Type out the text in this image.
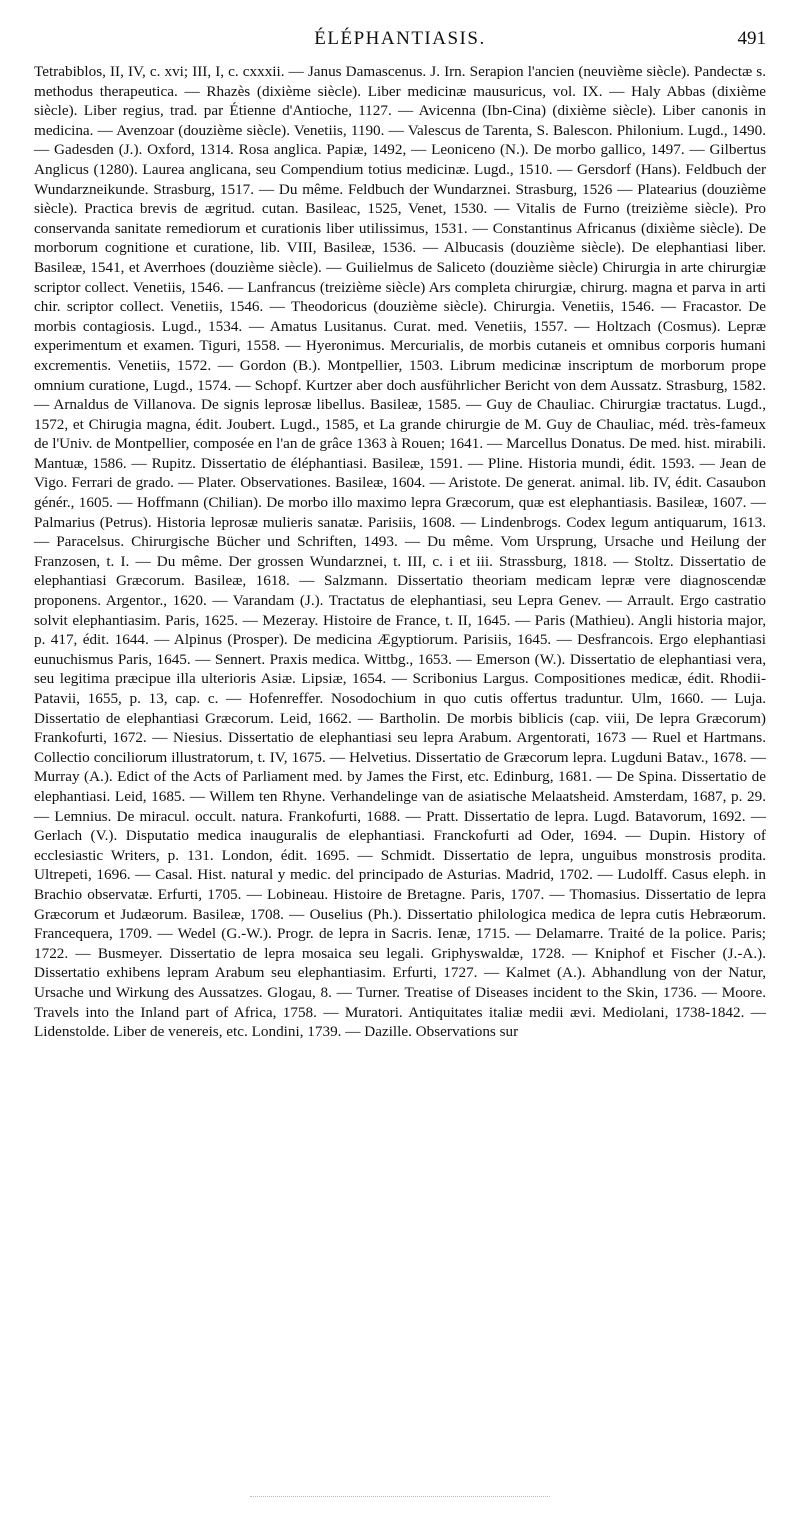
ÉLÉPHANTIASIS.	491
Tetrabiblos, II, IV, c. xvi; III, I, c. cxxxii. — Janus Damascenus. J. Irn. Serapion l'ancien (neuvième siècle). Pandectæ s. methodus therapeutica. — Rhazès (dixième siècle). Liber medicinæ mausuricus, vol. IX. — Haly Abbas (dixième siècle). Liber regius, trad. par Étienne d'Antioche, 1127. — Avicenna (Ibn-Cina) (dixième siècle). Liber canonis in medicina. — Avenzoar (douzième siècle). Venetiis, 1190. — Valescus de Tarenta, S. Balescon. Philonium. Lugd., 1490. — Gadesden (J.). Oxford, 1314. Rosa anglica. Papiæ, 1492, — Leoniceno (N.). De morbo gallico, 1497. — Gilbertus Anglicus (1280). Laurea anglicana, seu Compendium totius medicinæ. Lugd., 1510. — Gersdorf (Hans). Feldbuch der Wundarzneikunde. Strasburg, 1517. — Du même. Feldbuch der Wundarznei. Strasburg, 1526 — Platearius (douzième siècle). Practica brevis de ægritud. cutan. Basileac, 1525, Venet, 1530. — Vitalis de Furno (treizième siècle). Pro conservanda sanitate remediorum et curationis liber utilissimus, 1531. — Constantinus Africanus (dixième siècle). De morborum cognitione et curatione, lib. VIII, Basileæ, 1536. — Albucasis (douzième siècle). De elephantiasi liber. Basileæ, 1541, et Averrhoes (douzième siècle). — Guilielmus de Saliceto (douzième siècle) Chirurgia in arte chirurgiæ scriptor collect. Venetiis, 1546. — Lanfrancus (treizième siècle) Ars completa chirurgiæ, chirurg. magna et parva in arti chir. scriptor collect. Venetiis, 1546. — Theodoricus (douzième siècle). Chirurgia. Venetiis, 1546. — Fracastor. De morbis contagiosis. Lugd., 1534. — Amatus Lusitanus. Curat. med. Venetiis, 1557. — Holtzach (Cosmus). Lepræ experimentum et examen. Tiguri, 1558. — Hyeronimus. Mercurialis, de morbis cutaneis et omnibus corporis humani excrementis. Venetiis, 1572. — Gordon (B.). Montpellier, 1503. Librum medicinæ inscriptum de morborum prope omnium curatione, Lugd., 1574. — Schopf. Kurtzer aber doch ausführlicher Bericht von dem Aussatz. Strasburg, 1582. — Arnaldus de Villanova. De signis leprosæ libellus. Basileæ, 1585. — Guy de Chauliac. Chirurgiæ tractatus. Lugd., 1572, et Chirugia magna, édit. Joubert. Lugd., 1585, et La grande chirurgie de M. Guy de Chauliac, méd. très-fameux de l'Univ. de Montpellier, composée en l'an de grâce 1363 à Rouen; 1641. — Marcellus Donatus. De med. hist. mirabili. Mantuæ, 1586. — Rupitz. Dissertatio de éléphantiasi. Basileæ, 1591. — Pline. Historia mundi, édit. 1593. — Jean de Vigo. Ferrari de grado. — Plater. Observationes. Basileæ, 1604. — Aristote. De generat. animal. lib. IV, édit. Casaubon génér., 1605. — Hoffmann (Chilian). De morbo illo maximo lepra Græcorum, quæ est elephantiasis. Basileæ, 1607. — Palmarius (Petrus). Historia leprosæ mulieris sanatæ. Parisiis, 1608. — Lindenbrogs. Codex legum antiquarum, 1613. — Paracelsus. Chirurgische Bücher und Schriften, 1493. — Du même. Vom Ursprung, Ursache und Heilung der Franzosen, t. I. — Du même. Der grossen Wundarznei, t. III, c. i et iii. Strassburg, 1818. — Stoltz. Dissertatio de elephantiasi Græcorum. Basileæ, 1618. — Salzmann. Dissertatio theoriam medicam lepræ vere diagnoscendæ proponens. Argentor., 1620. — Varandam (J.). Tractatus de elephantiasi, seu Lepra Genev. — Arrault. Ergo castratio solvit elephantiasim. Paris, 1625. — Mezeray. Histoire de France, t. II, 1645. — Paris (Mathieu). Angli historia major, p. 417, édit. 1644. — Alpinus (Prosper). De medicina Ægyptiorum. Parisiis, 1645. — Desfrancois. Ergo elephantiasi eunuchismus Paris, 1645. — Sennert. Praxis medica. Wittbg., 1653. — Emerson (W.). Dissertatio de elephantiasi vera, seu legitima præcipue illa ulterioris Asiæ. Lipsiæ, 1654. — Scribonius Largus. Compositiones medicæ, édit. Rhodii-Patavii, 1655, p. 13, cap. c. — Hofenreffer. Nosodochium in quo cutis offertus traduntur. Ulm, 1660. — Luja. Dissertatio de elephantiasi Græcorum. Leid, 1662. — Bartholin. De morbis biblicis (cap. viii, De lepra Græcorum) Frankofurti, 1672. — Niesius. Dissertatio de elephantiasi seu lepra Arabum. Argentorati, 1673 — Ruel et Hartmans. Collectio conciliorum illustratorum, t. IV, 1675. — Helvetius. Dissertatio de Græcorum lepra. Lugduni Batav., 1678. — Murray (A.). Edict of the Acts of Parliament med. by James the First, etc. Edinburg, 1681. — De Spina. Dissertatio de elephantiasi. Leid, 1685. — Willem ten Rhyne. Verhandelinge van de asiatische Melaatsheid. Amsterdam, 1687, p. 29. — Lemnius. De miracul. occult. natura. Frankofurti, 1688. — Pratt. Dissertatio de lepra. Lugd. Batavorum, 1692. — Gerlach (V.). Disputatio medica inauguralis de elephantiasi. Franckofurti ad Oder, 1694. — Dupin. History of ecclesiastic Writers, p. 131. London, édit. 1695. — Schmidt. Dissertatio de lepra, unguibus monstrosis prodita. Ultrepeti, 1696. — Casal. Hist. natural y medic. del principado de Asturias. Madrid, 1702. — Ludolff. Casus eleph. in Brachio observatæ. Erfurti, 1705. — Lobineau. Histoire de Bretagne. Paris, 1707. — Thomasius. Dissertatio de lepra Græcorum et Judæorum. Basileæ, 1708. — Ouselius (Ph.). Dissertatio philologica medica de lepra cutis Hebræorum. Francequera, 1709. — Wedel (G.-W.). Progr. de lepra in Sacris. Ienæ, 1715. — Delamarre. Traité de la police. Paris; 1722. — Busmeyer. Dissertatio de lepra mosaica seu legali. Griphyswaldæ, 1728. — Kniphof et Fischer (J.-A.). Dissertatio exhibens lepram Arabum seu elephantiasim. Erfurti, 1727. — Kalmet (A.). Abhandlung von der Natur, Ursache und Wirkung des Aussatzes. Glogau, 8. — Turner. Treatise of Diseases incident to the Skin, 1736. — Moore. Travels into the Inland part of Africa, 1758. — Muratori. Antiquitates italiæ medii ævi. Mediolani, 1738-1842. — Lidenstolde. Liber de venereis, etc. Londini, 1739. — Dazille. Observations sur
